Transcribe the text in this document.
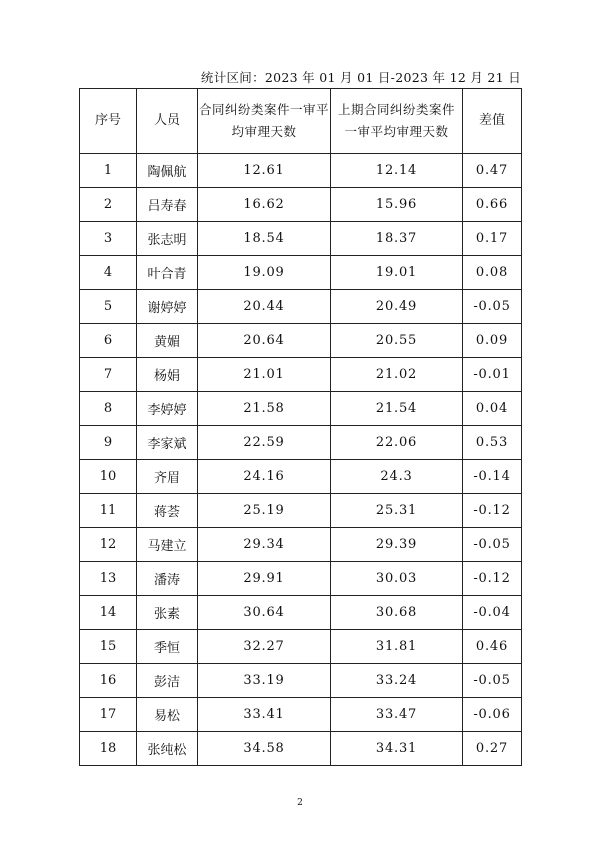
统计区间：2023 年 01 月 01 日-2023 年 12 月 21 日
序号	人员	合同纠纷类案件一审平均审理天数	上期合同纠纷类案件一审平均审理天数	差值
1	陶佩航	12.61	12.14	0.47
2	吕寿春	16.62	15.96	0.66
3	张志明	18.54	18.37	0.17
4	叶合青	19.09	19.01	0.08
5	谢婷婷	20.44	20.49	-0.05
6	黄媚	20.64	20.55	0.09
7	杨娟	21.01	21.02	-0.01
8	李婷婷	21.58	21.54	0.04
9	李家斌	22.59	22.06	0.53
10	齐眉	24.16	24.3	-0.14
11	蒋荟	25.19	25.31	-0.12
12	马建立	29.34	29.39	-0.05
13	潘涛	29.91	30.03	-0.12
14	张素	30.64	30.68	-0.04
15	季恒	32.27	31.81	0.46
16	彭洁	33.19	33.24	-0.05
17	易松	33.41	33.47	-0.06
18	张纯松	34.58	34.31	0.27
2
